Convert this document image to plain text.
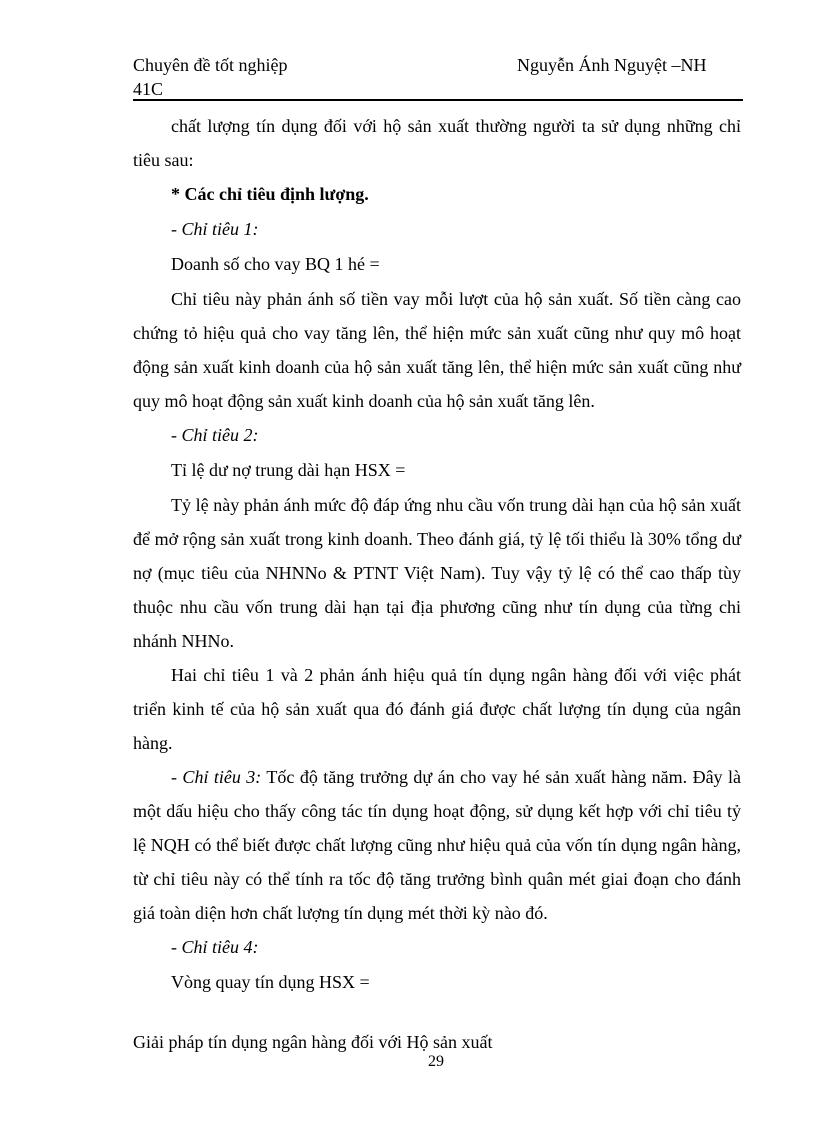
Chuyên đề tốt nghiệp
41C
Nguyễn Ánh Nguyệt –NH

chất lượng tín dụng đối với hộ sản xuất thường người ta sử dụng những chỉ tiêu sau:

* Các chỉ tiêu định lượng.

- Chỉ tiêu 1:

Doanh số cho vay BQ 1 hé =

Chỉ tiêu này phản ánh số tiền vay mỗi lượt của hộ sản xuất. Số tiền càng cao chứng tỏ hiệu quả cho vay tăng lên, thể hiện mức sản xuất cũng như quy mô hoạt động sản xuất kinh doanh của hộ sản xuất tăng lên, thể hiện mức sản xuất cũng như quy mô hoạt động sản xuất kinh doanh của hộ sản xuất tăng lên.

- Chỉ tiêu 2:

Tỉ lệ dư nợ trung dài hạn HSX =

Tỷ lệ này phản ánh mức độ đáp ứng nhu cầu vốn trung dài hạn của hộ sản xuất để mở rộng sản xuất trong kinh doanh. Theo đánh giá, tỷ lệ tối thiểu là 30% tổng dư nợ (mục tiêu của NHNNo & PTNT Việt Nam). Tuy vậy tỷ lệ có thể cao thấp tùy thuộc nhu cầu vốn trung dài hạn tại địa phương cũng như tín dụng của từng chi nhánh NHNo.

Hai chỉ tiêu 1 và 2 phản ánh hiệu quả tín dụng ngân hàng đối với việc phát triển kinh tế của hộ sản xuất qua đó đánh giá được chất lượng tín dụng của ngân hàng.

- Chỉ tiêu 3: Tốc độ tăng trưởng dự án cho vay hé sản xuất hàng năm. Đây là một dấu hiệu cho thấy công tác tín dụng hoạt động, sử dụng kết hợp với chỉ tiêu tỷ lệ NQH có thể biết được chất lượng cũng như hiệu quả của vốn tín dụng ngân hàng, từ chỉ tiêu này có thể tính ra tốc độ tăng trưởng bình quân mét giai đoạn cho đánh giá toàn diện hơn chất lượng tín dụng mét thời kỳ nào đó.

- Chỉ tiêu 4:

Vòng quay tín dụng HSX =

Giải pháp tín dụng ngân hàng đối với Hộ sản xuất
29
